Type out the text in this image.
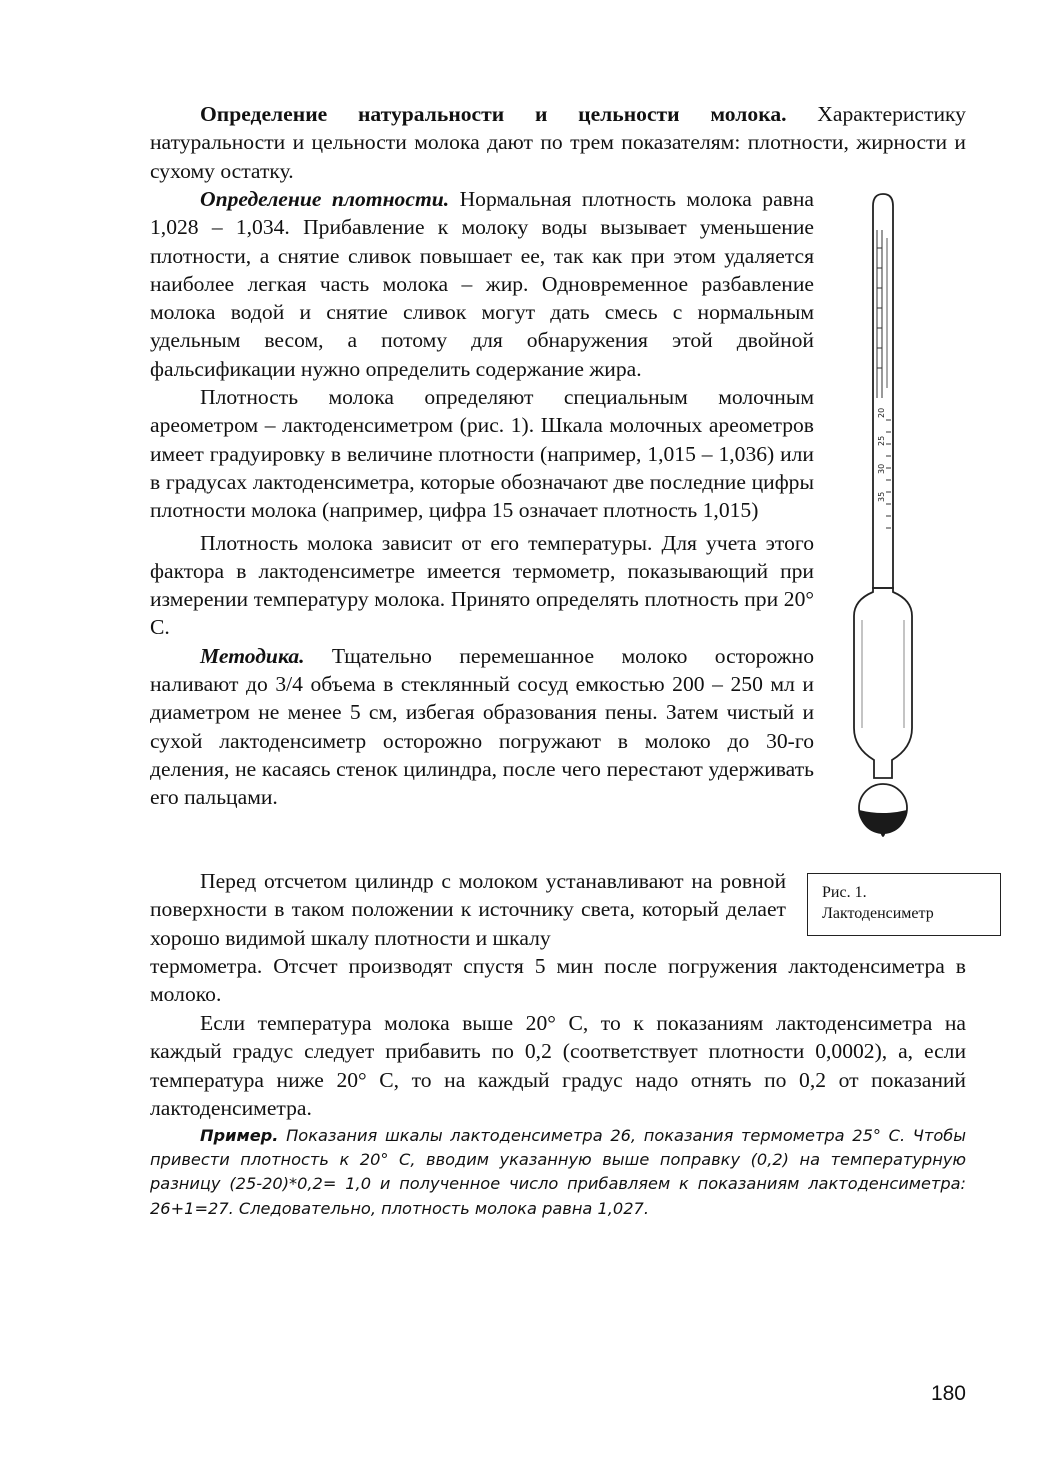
Определение натуральности и цельности молока. Характеристику натуральности и цельности молока дают по трем показателям: плотности, жирности и сухому остатку.

Определение плотности. Нормальная плотность молока равна 1,028 – 1,034. Прибавление к молоку воды вызывает уменьшение плотности, а снятие сливок повышает ее, так как при этом удаляется наиболее легкая часть молока – жир. Одновременное разбавление молока водой и снятие сливок могут дать смесь с нормальным удельным весом, а потому для обнаружения этой двойной фальсификации нужно определить содержание жира.

Плотность молока определяют специальным молочным ареометром – лактоденсиметром (рис. 1). Шкала молочных ареометров имеет градуировку в величине плотности (например, 1,015 – 1,036) или в градусах лактоденсиметра, которые обозначают две последние цифры плотности молока (например, цифра 15 означает плотность 1,015)

Плотность молока зависит от его температуры. Для учета этого фактора в лактоденсиметре имеется термометр, показывающий при измерении температуру молока. Принято определять плотность при 20° С.

Методика. Тщательно перемешанное молоко осторожно наливают до 3/4 объема в стеклянный сосуд емкостью 200 – 250 мл и диаметром не менее 5 см, избегая образования пены. Затем чистый и сухой лактоденсиметр осторожно погружают в молоко до 30-го деления, не касаясь стенок цилиндра, после чего перестают удерживать его пальцами.

Перед отсчетом цилиндр с молоком устанавливают на ровной поверхности в таком положении к источнику света, который делает хорошо видимой шкалу плотности и шкалу

термометра. Отсчет производят спустя 5 мин после погружения лактоденсиметра в молоко.

Если температура молока выше 20° С, то к показаниям лактоденсиметра на каждый градус следует прибавить по 0,2 (соответствует плотности 0,0002), а, если температура ниже 20° С, то на каждый градус надо отнять по 0,2 от показаний лактоденсиметра.

Пример. Показания шкалы лактоденсиметра 26, показания термометра 25° С. Чтобы привести плотность к 20° С, вводим указанную выше поправку (0,2) на температурную разницу (25-20)*0,2= 1,0 и полученное число прибавляем к показаниям лактоденсиметра: 26+1=27. Следовательно, плотность молока равна 1,027.
20
25
30
35
Рис. 1.
Лактоденсиметр
180
